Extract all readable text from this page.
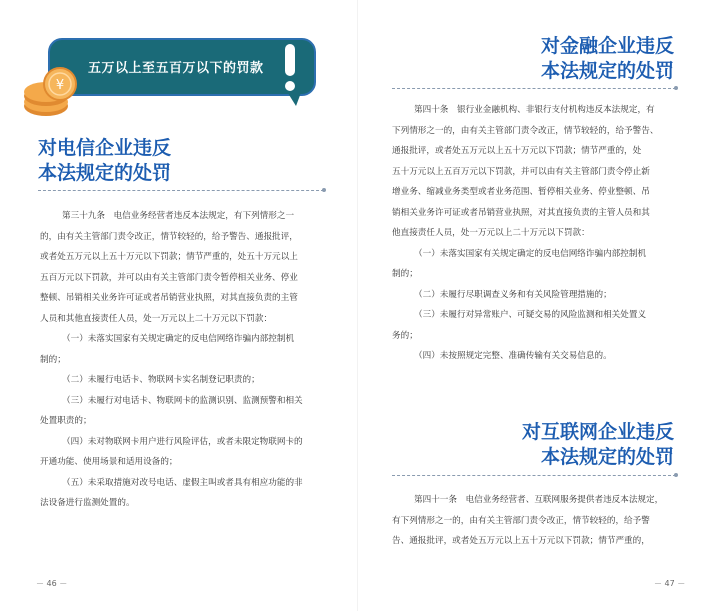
五万以上至五百万以下的罚款
¥
对电信企业违反
本法规定的处罚
第三十九条　电信业务经营者违反本法规定，有下列情形之一
的，由有关主管部门责令改正，情节较轻的，给予警告、通报批评，
或者处五万元以上五十万元以下罚款；情节严重的，处五十万元以上
五百万元以下罚款，并可以由有关主管部门责令暂停相关业务、停业
整顿、吊销相关业务许可证或者吊销营业执照，对其直接负责的主管
人员和其他直接责任人员，处一万元以上二十万元以下罚款：
（一）未落实国家有关规定确定的反电信网络诈骗内部控制机
制的；
（二）未履行电话卡、物联网卡实名制登记职责的；
（三）未履行对电话卡、物联网卡的监测识别、监测预警和相关
处置职责的；
（四）未对物联网卡用户进行风险评估，或者未限定物联网卡的
开通功能、使用场景和适用设备的；
（五）未采取措施对改号电话、虚假主叫或者具有相应功能的非
法设备进行监测处置的。
－ 46 －
对金融企业违反
本法规定的处罚
第四十条　银行业金融机构、非银行支付机构违反本法规定，有
下列情形之一的，由有关主管部门责令改正，情节较轻的，给予警告、
通报批评，或者处五万元以上五十万元以下罚款；情节严重的，处
五十万元以上五百万元以下罚款，并可以由有关主管部门责令停止新
增业务、缩减业务类型或者业务范围、暂停相关业务、停业整顿、吊
销相关业务许可证或者吊销营业执照，对其直接负责的主管人员和其
他直接责任人员，处一万元以上二十万元以下罚款：
（一）未落实国家有关规定确定的反电信网络诈骗内部控制机
制的；
（二）未履行尽职调查义务和有关风险管理措施的；
（三）未履行对异常账户、可疑交易的风险监测和相关处置义
务的；
（四）未按照规定完整、准确传输有关交易信息的。
对互联网企业违反
本法规定的处罚
第四十一条　电信业务经营者、互联网服务提供者违反本法规定，
有下列情形之一的，由有关主管部门责令改正，情节较轻的，给予警
告、通报批评，或者处五万元以上五十万元以下罚款；情节严重的，
－ 47 －
